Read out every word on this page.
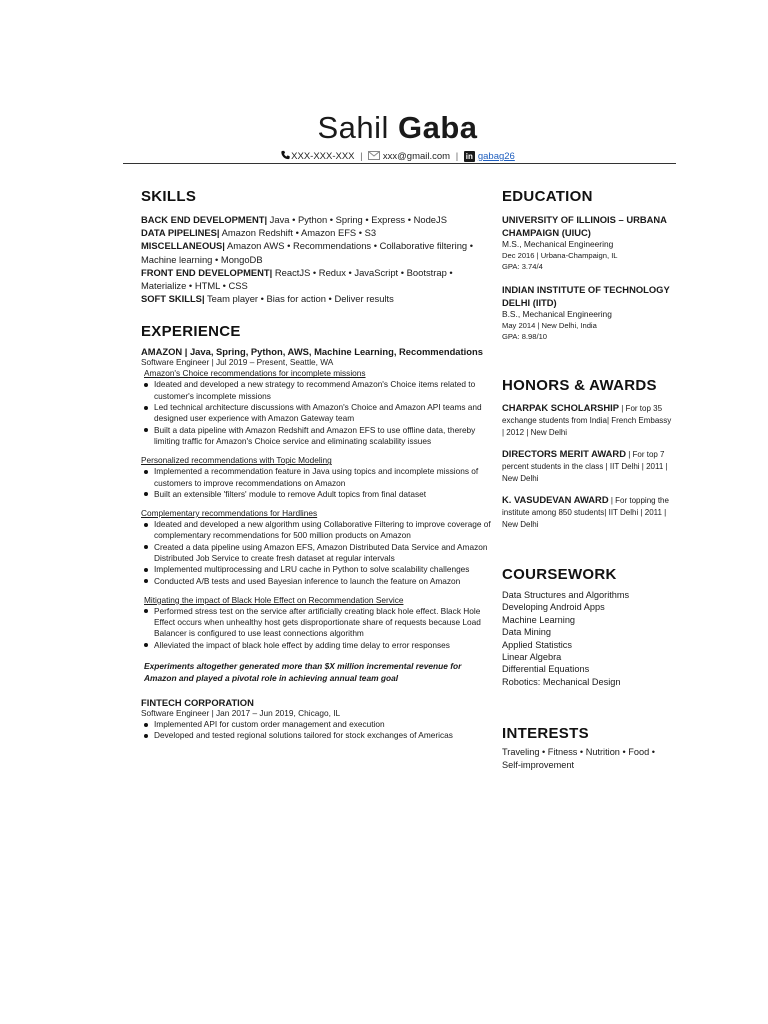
Sahil Gaba
XXX-XXX-XXX | xxx@gmail.com | in gabag26
SKILLS
BACK END DEVELOPMENT| Java • Python • Spring • Express • NodeJS
DATA PIPELINES| Amazon Redshift • Amazon EFS • S3
MISCELLANEOUS| Amazon AWS • Recommendations • Collaborative filtering •
Machine learning • MongoDB
FRONT END DEVELOPMENT| ReactJS • Redux • JavaScript • Bootstrap •
Materialize • HTML • CSS
SOFT SKILLS| Team player • Bias for action • Deliver results
EXPERIENCE
AMAZON | Java, Spring, Python, AWS, Machine Learning, Recommendations
Software Engineer | Jul 2019 – Present, Seattle, WA
Amazon's Choice recommendations for incomplete missions
Ideated and developed a new strategy to recommend Amazon's Choice items related to customer's incomplete missions
Led technical architecture discussions with Amazon's Choice and Amazon API teams and designed user experience with Amazon Gateway team
Built a data pipeline with Amazon Redshift and Amazon EFS to use offline data, thereby limiting traffic for Amazon's Choice service and eliminating scalability issues
Personalized recommendations with Topic Modeling
Implemented a recommendation feature in Java using topics and incomplete missions of customers to improve recommendations on Amazon
Built an extensible 'filters' module to remove Adult topics from final dataset
Complementary recommendations for Hardlines
Ideated and developed a new algorithm using Collaborative Filtering to improve coverage of complementary recommendations for 500 million products on Amazon
Created a data pipeline using Amazon EFS, Amazon Distributed Data Service and Amazon Distributed Job Service to create fresh dataset at regular intervals
Implemented multiprocessing and LRU cache in Python to solve scalability challenges
Conducted A/B tests and used Bayesian inference to launch the feature on Amazon
Mitigating the impact of Black Hole Effect on Recommendation Service
Performed stress test on the service after artificially creating black hole effect. Black Hole Effect occurs when unhealthy host gets disproportionate share of requests because Load Balancer is configured to use least connections algorithm
Alleviated the impact of black hole effect by adding time delay to error responses
Experiments altogether generated more than $X million incremental revenue for Amazon and played a pivotal role in achieving annual team goal
FINTECH CORPORATION
Software Engineer | Jan 2017 – Jun 2019, Chicago, IL
Implemented API for custom order management and execution
Developed and tested regional solutions tailored for stock exchanges of Americas
EDUCATION
UNIVERSITY OF ILLINOIS – URBANA CHAMPAIGN (UIUC)
M.S., Mechanical Engineering
Dec 2016 | Urbana-Champaign, IL
GPA: 3.74/4
INDIAN INSTITUTE OF TECHNOLOGY DELHI (IITD)
B.S., Mechanical Engineering
May 2014 | New Delhi, India
GPA: 8.98/10
HONORS & AWARDS
CHARPAK SCHOLARSHIP | For top 35 exchange students from India| French Embassy | 2012 | New Delhi
DIRECTORS MERIT AWARD | For top 7 percent students in the class | IIT Delhi | 2011 | New Delhi
K. VASUDEVAN AWARD | For topping the institute among 850 students| IIT Delhi | 2011 | New Delhi
COURSEWORK
Data Structures and Algorithms
Developing Android Apps
Machine Learning
Data Mining
Applied Statistics
Linear Algebra
Differential Equations
Robotics: Mechanical Design
INTERESTS
Traveling • Fitness • Nutrition • Food • Self-improvement
